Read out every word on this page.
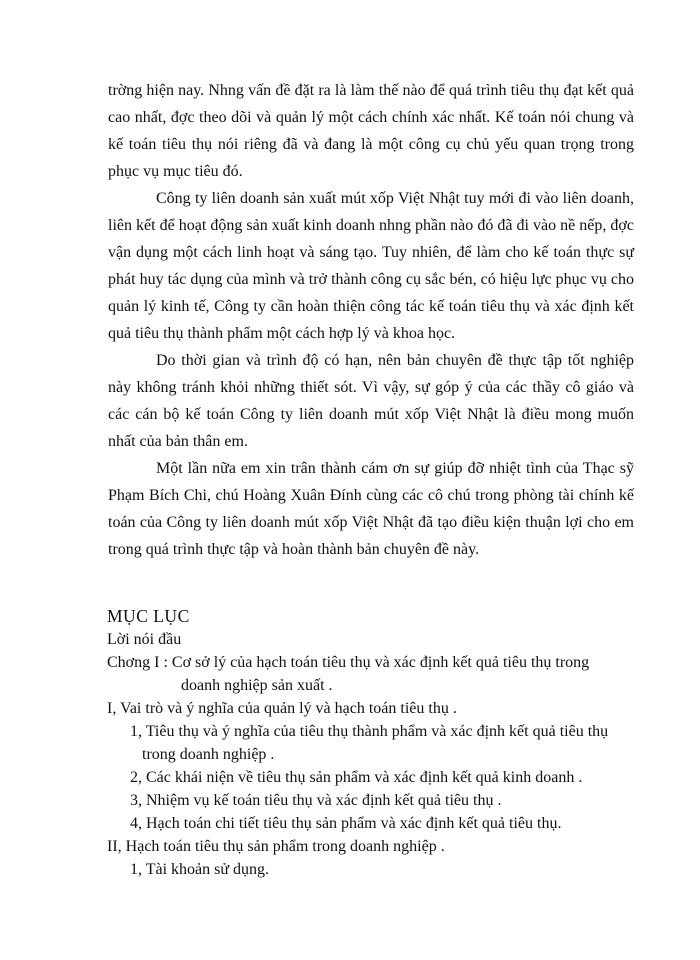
trờng hiện nay. Nhng vấn đề đặt ra là làm thế nào để quá trình tiêu thụ đạt kết quả cao nhất, đợc theo dõi và quản lý một cách chính xác nhất. Kế toán nói chung và kế toán tiêu thụ nói riêng đã và đang là một công cụ chủ yếu quan trọng trong phục vụ mục tiêu đó.

Công ty liên doanh sản xuất mút xốp Việt Nhật tuy mới đi vào liên doanh, liên kết để hoạt động sản xuất kinh doanh nhng phần nào đó đã đi vào nề nếp, đợc vận dụng một cách linh hoạt và sáng tạo. Tuy nhiên, để làm cho kế toán thực sự phát huy tác dụng của mình và trở thành công cụ sắc bén, có hiệu lực phục vụ cho quản lý kinh tế, Công ty cần hoàn thiện công tác kế toán tiêu thụ và xác định kết quả tiêu thụ thành phẩm một cách hợp lý và khoa học.

Do thời gian và trình độ có hạn, nên bản chuyên đề thực tập tốt nghiệp này không tránh khỏi những thiết sót. Vì vậy, sự góp ý của các thầy cô giáo và các cán bộ kế toán Công ty liên doanh mút xốp Việt Nhật là điều mong muốn nhất của bản thân em.

Một lần nữa em xin trân thành cám ơn sự giúp đỡ nhiệt tình của Thạc sỹ Phạm Bích Chi, chú Hoàng Xuân Đính cùng các cô chú trong phòng tài chính kế toán của Công ty liên doanh mút xốp Việt Nhật đã tạo điều kiện thuận lợi cho em trong quá trình thực tập và hoàn thành bản chuyên đề này.

MỤC LỤC

Lời nói đầu

Chơng I : Cơ sở lý của hạch toán tiêu thụ và xác định kết quả tiêu thụ trong

doanh nghiệp sản xuất .

I, Vai trò và ý nghĩa của quản lý và hạch toán tiêu thụ .

1, Tiêu thụ và ý nghĩa của tiêu thụ thành phẩm và xác định kết quả tiêu thụ

trong doanh nghiệp .

2, Các khái niện về tiêu thụ sản phẩm và xác định kết quả kinh doanh .

3, Nhiệm vụ kế toán tiêu thụ và xác định kết quả tiêu thụ .

4, Hạch toán chi tiết tiêu thụ sản phẩm và xác định kết quả tiêu thụ.

II, Hạch toán tiêu thụ sản phẩm trong doanh nghiệp .

1, Tài khoản sử dụng.
